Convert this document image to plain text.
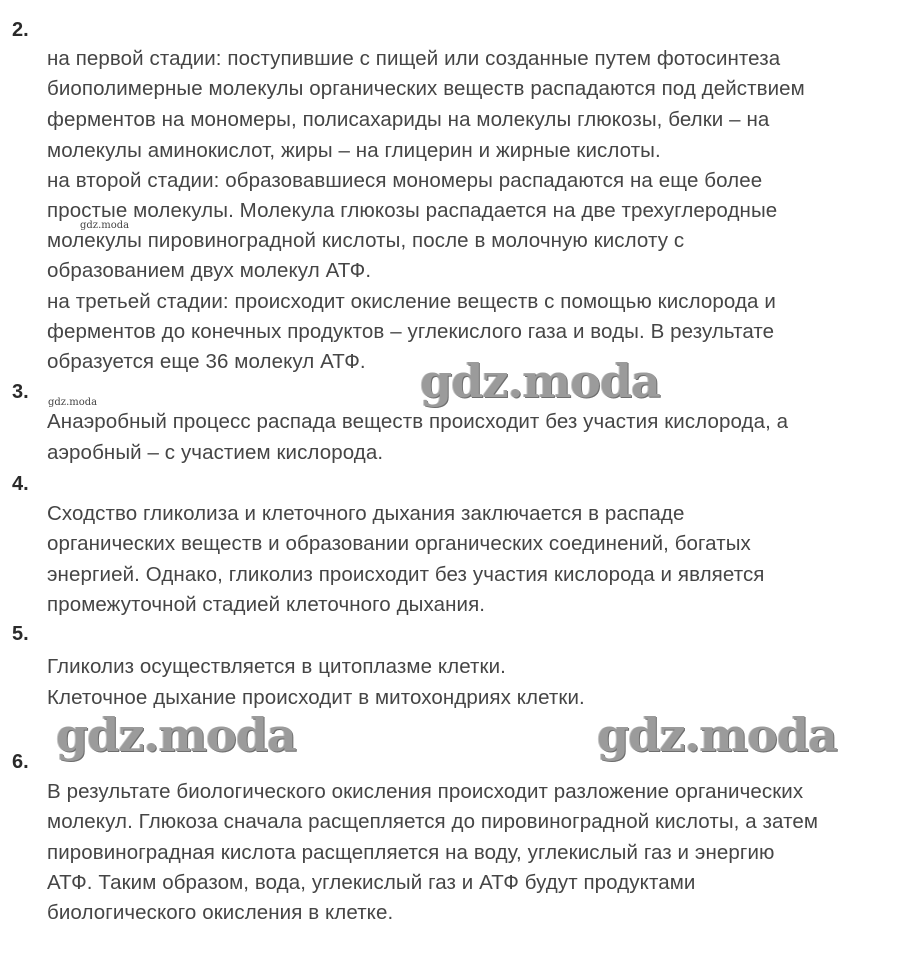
2.
на первой стадии: поступившие с пищей или созданные путем фотосинтеза
биополимерные молекулы органических веществ распадаются под действием
ферментов на мономеры, полисахариды на молекулы глюкозы, белки – на
молекулы аминокислот, жиры – на глицерин и жирные кислоты.
на второй стадии: образовавшиеся мономеры распадаются на еще более
простые молекулы. Молекула глюкозы распадается на две трехуглеродные
молекулы пировиноградной кислоты, после в молочную кислоту с
образованием двух молекул АТФ.
на третьей стадии: происходит окисление веществ с помощью кислорода и
ферментов до конечных продуктов – углекислого газа и воды. В результате
образуется еще 36 молекул АТФ.
3.
Анаэробный процесс распада веществ происходит без участия кислорода, а
аэробный – с участием кислорода.
4.
Сходство гликолиза и клеточного дыхания заключается в распаде
органических веществ и образовании органических соединений, богатых
энергией. Однако, гликолиз происходит без участия кислорода и является
промежуточной стадией клеточного дыхания.
5.
Гликолиз осуществляется в цитоплазме клетки.
Клеточное дыхание происходит в митохондриях клетки.
6.
В результате биологического окисления происходит разложение органических
молекул. Глюкоза сначала расщепляется до пировиноградной кислоты, а затем
пировиноградная кислота расщепляется на воду, углекислый газ и энергию
АТФ. Таким образом, вода, углекислый газ и АТФ будут продуктами
биологического окисления в клетке.
gdz.moda
gdz.moda	gdz.moda
gdz.moda	gdz.moda
